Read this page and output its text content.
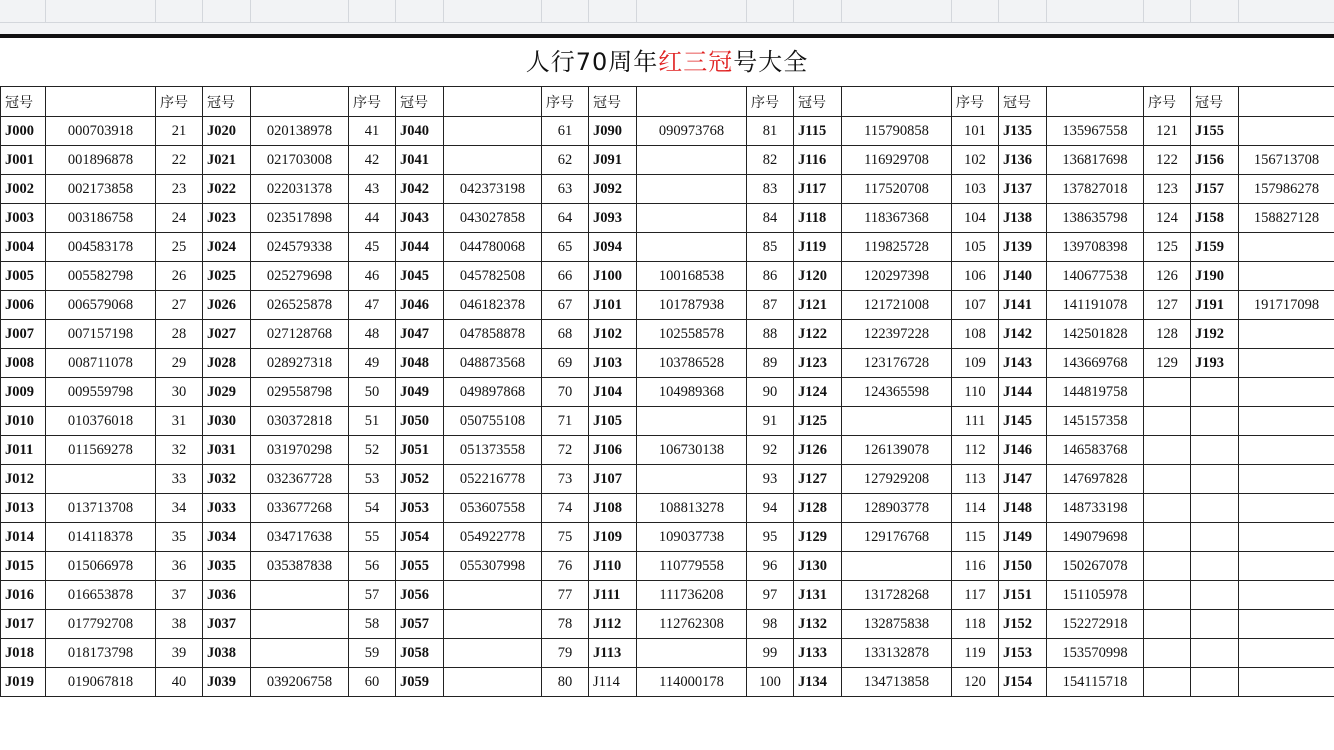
人行70周年红三冠号大全
冠号		序号	冠号		序号	冠号		序号	冠号		序号	冠号		序号	冠号		序号	冠号	
J000	000703918	21	J020	020138978	41	J040		61	J090	090973768	81	J115	115790858	101	J135	135967558	121	J155	
J001	001896878	22	J021	021703008	42	J041		62	J091		82	J116	116929708	102	J136	136817698	122	J156	156713708
J002	002173858	23	J022	022031378	43	J042	042373198	63	J092		83	J117	117520708	103	J137	137827018	123	J157	157986278
J003	003186758	24	J023	023517898	44	J043	043027858	64	J093		84	J118	118367368	104	J138	138635798	124	J158	158827128
J004	004583178	25	J024	024579338	45	J044	044780068	65	J094		85	J119	119825728	105	J139	139708398	125	J159	
J005	005582798	26	J025	025279698	46	J045	045782508	66	J100	100168538	86	J120	120297398	106	J140	140677538	126	J190	
J006	006579068	27	J026	026525878	47	J046	046182378	67	J101	101787938	87	J121	121721008	107	J141	141191078	127	J191	191717098
J007	007157198	28	J027	027128768	48	J047	047858878	68	J102	102558578	88	J122	122397228	108	J142	142501828	128	J192	
J008	008711078	29	J028	028927318	49	J048	048873568	69	J103	103786528	89	J123	123176728	109	J143	143669768	129	J193	
J009	009559798	30	J029	029558798	50	J049	049897868	70	J104	104989368	90	J124	124365598	110	J144	144819758			
J010	010376018	31	J030	030372818	51	J050	050755108	71	J105		91	J125		111	J145	145157358			
J011	011569278	32	J031	031970298	52	J051	051373558	72	J106	106730138	92	J126	126139078	112	J146	146583768			
J012		33	J032	032367728	53	J052	052216778	73	J107		93	J127	127929208	113	J147	147697828			
J013	013713708	34	J033	033677268	54	J053	053607558	74	J108	108813278	94	J128	128903778	114	J148	148733198			
J014	014118378	35	J034	034717638	55	J054	054922778	75	J109	109037738	95	J129	129176768	115	J149	149079698			
J015	015066978	36	J035	035387838	56	J055	055307998	76	J110	110779558	96	J130		116	J150	150267078			
J016	016653878	37	J036		57	J056		77	J111	111736208	97	J131	131728268	117	J151	151105978			
J017	017792708	38	J037		58	J057		78	J112	112762308	98	J132	132875838	118	J152	152272918			
J018	018173798	39	J038		59	J058		79	J113		99	J133	133132878	119	J153	153570998			
J019	019067818	40	J039	039206758	60	J059		80	J114	114000178	100	J134	134713858	120	J154	154115718			
